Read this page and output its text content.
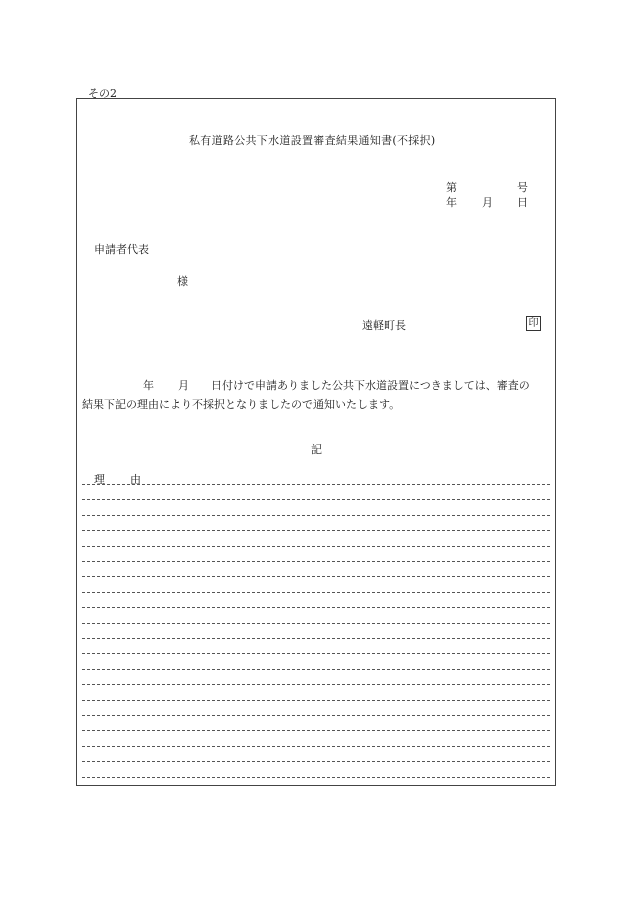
その2
私有道路公共下水道設置審査結果通知書(不採択)
第	号
年 月 日
申請者代表
様
遠軽町長	印
年 月 日付けで申請ありました公共下水道設置につきましては、審査の
結果下記の理由により不採択となりましたので通知いたします。
記
理 由
